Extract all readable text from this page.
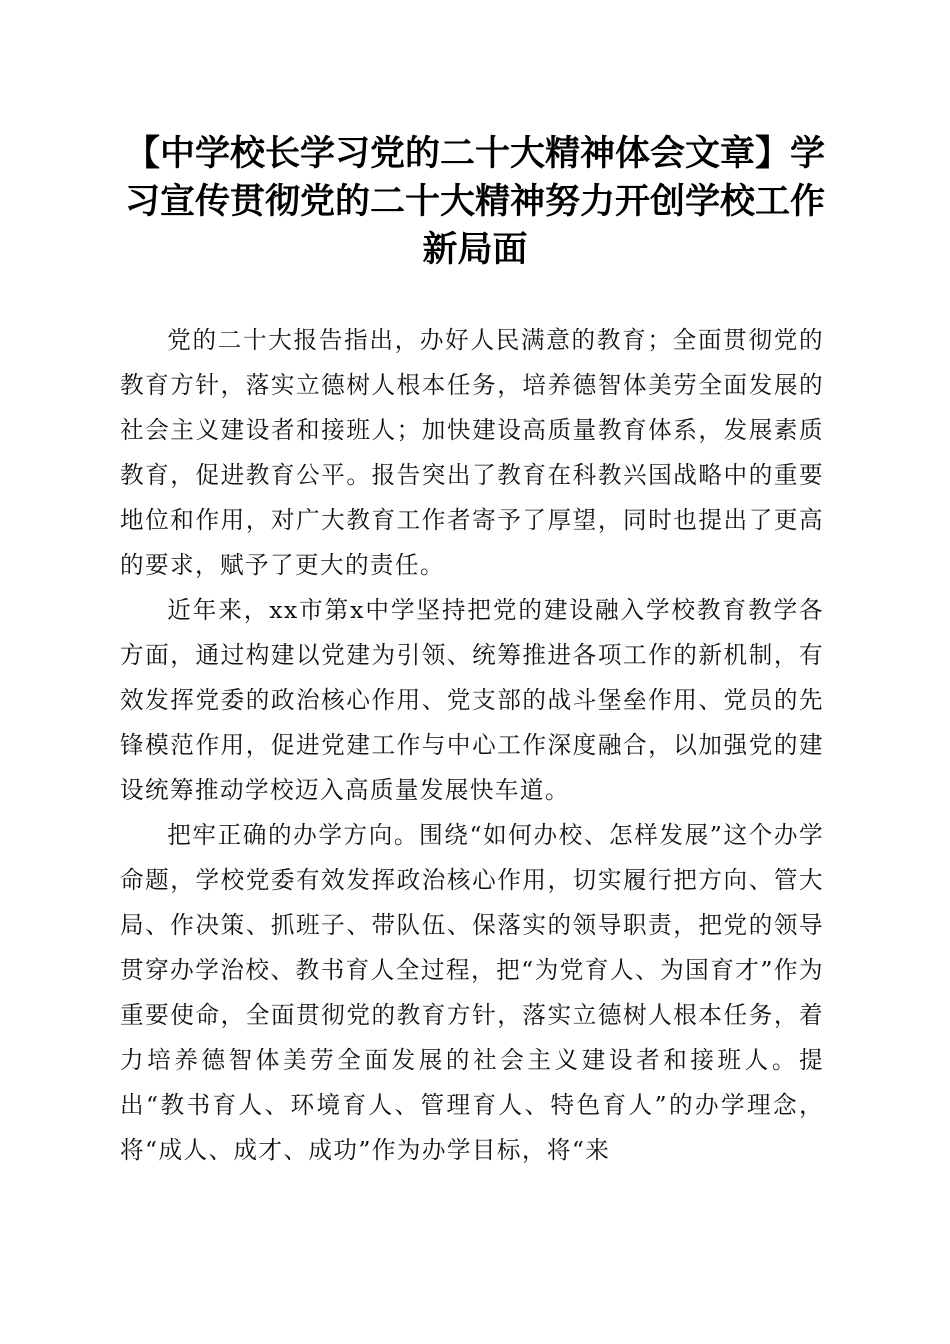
【中学校长学习党的二十大精神体会文章】学习宣传贯彻党的二十大精神努力开创学校工作新局面

党的二十大报告指出，办好人民满意的教育；全面贯彻党的教育方针，落实立德树人根本任务，培养德智体美劳全面发展的社会主义建设者和接班人；加快建设高质量教育体系，发展素质教育，促进教育公平。报告突出了教育在科教兴国战略中的重要地位和作用，对广大教育工作者寄予了厚望，同时也提出了更高的要求，赋予了更大的责任。

近年来，xx市第x中学坚持把党的建设融入学校教育教学各方面，通过构建以党建为引领、统筹推进各项工作的新机制，有效发挥党委的政治核心作用、党支部的战斗堡垒作用、党员的先锋模范作用，促进党建工作与中心工作深度融合，以加强党的建设统筹推动学校迈入高质量发展快车道。

把牢正确的办学方向。围绕“如何办校、怎样发展”这个办学命题，学校党委有效发挥政治核心作用，切实履行把方向、管大局、作决策、抓班子、带队伍、保落实的领导职责，把党的领导贯穿办学治校、教书育人全过程，把“为党育人、为国育才”作为重要使命，全面贯彻党的教育方针，落实立德树人根本任务，着力培养德智体美劳全面发展的社会主义建设者和接班人。提出“教书育人、环境育人、管理育人、特色育人”的办学理念，将“成人、成才、成功”作为办学目标，将“来
